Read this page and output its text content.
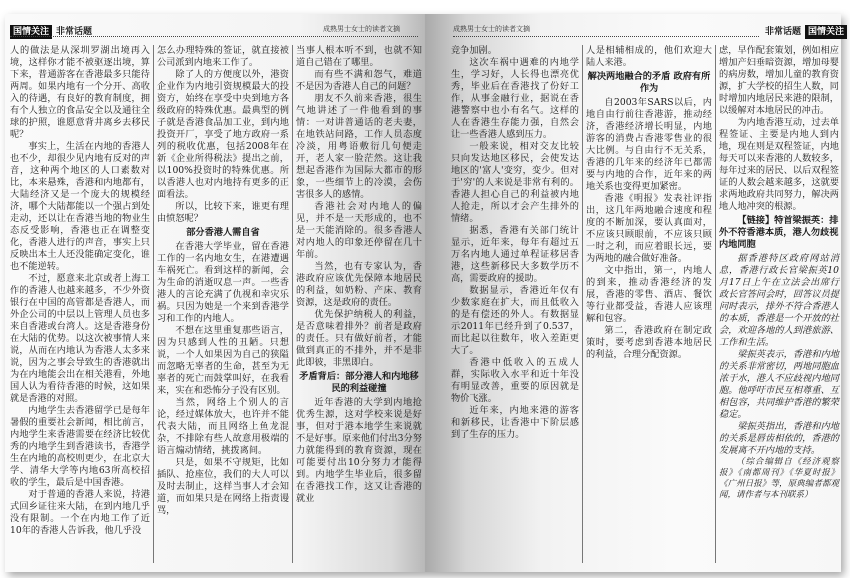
国情关注 非常话题	成熟男士女士的读者文摘

人的做法是从深圳罗湖出境再入境，这样你才能不被驱逐出境，算下来，普通游客在香港最多只能待两周。如果内地有一个分开、高收入的待遇，有良好的教育制度，拥有个人独立的食品安全以及通往全球的护照，谁愿意背井离乡去移民呢？

事实上，生活在内地的香港人也不少，却很少见内地有反对的声音，这种两个地区的人口素数对比，本来悬殊，香港和内地都有，大陆经济又是一个庞大的规模经济，哪个大陆都能以一个强占到处走动，还以让在香港当地的物业生态反受影响，香港也正在调整变化，香港人进行的声音，事实上只反映出本土人还没能确定变化，谁也不能逆转。

不过，愿意来北京或者上海工作的香港人也越来越多，不少外资银行在中国的高管都是香港人，而外企公司的中层以上管理人员也多来自香港或台湾人。这是香港身份在大陆的优势。以这次被事情人来说，从而在内地认为香港人太多来说，因为之事会导致生的香港就出为在内地能会出在相关港看，外地国人认为看待香港的时候，这如果就是香港的对照。

内地学生去香港留学已是每年暑假的重要社会新闻，相比前言，内地学生来香港需要在经济比较优秀的内地学生到香港读书，香港学生在内地的高校则更少，在北京大学、清华大学等内地63所高校招收的学生，最后是中国香港。

对于普通的香港人来说，持港式回乡证往来大陆，在到内地几乎没有限制。一个在内地工作了近10年的香港人告诉我，他几乎没

怎么办理特殊的签证，就直接被公司派到内地来工作了。

除了人的方便度以外，港资企业作为内地引资规模最大的投资方，始终在享受中央到地方各级政府的特殊优惠。最典型的例子就是香港食品加工业，到内地投资开厂，享受了地方政府一系列的税收优惠，包括2008年在新《企业所得税法》提出之前，以100%投资时的特殊优惠。所以香港人也对内地持有更多的正面看法。

所以，比较下来，谁更有理由愤怒呢？

部分香港人需自省

在香港大学毕业，留在香港工作的一名内地女生，在港遭遇车祸死亡。看到这样的新闻，会为生命的消逝叹息一声。一些香港人的言论充满了仇视和幸灾乐祸。只因为她是一个来到香港学习和工作的内地人。

不想在这里重复那些语言，因为只感到人性的丑陋。只想说，一个人如果因为自己的狭隘而忽略无辜者的生命，甚至为无辜者的死亡而鼓掌叫好，在我看来，实在和恐怖分子没有区别。

当然，网络上个别人的言论，经过媒体放大，也许并不能代表大陆，而且网络上鱼龙混杂，不排除有些人故意用极端的语言煽动情绪，挑拨离间。

只是，如果不守规矩，比如插队、抢座位，我们的大人可以及时去制止，这样当事人才会知道，而如果只是在网络上指责谩骂，

当事人根本听不到，也就不知道自己错在了哪里。

而有些不满和怨气，难道不是因为香港人自己的问题？

朋友不久前来香港，很生气地讲述了一件他看到的事情：一对讲普通话的老夫妻，在地铁站问路，工作人员态度冷淡，用粤语敷衍几句便走开，老人家一脸茫然。这让我想起香港作为国际大都市的形象，一些细节上的冷漠，会伤害很多人的感情。

香港社会对内地人的偏见，并不是一天形成的，也不是一天能消除的。很多香港人对内地人的印象还停留在几十年前。

当然，也有专家认为，香港政府应该优先保障本地居民的利益，如奶粉、产床、教育资源，这是政府的责任。

优先保护纳税人的利益，是否意味着排外？前者是政府的责任。只有做好前者，才能做到真正的不排外，并不是非此即彼，非黑即白。

矛盾背后：部分港人和内地移民的利益碰撞

近年香港的大学到内地抢优秀生源，这对学校来说是好事，但对于港本地学生来说就不是好事。原来他们付出3分努力就能得到的教育资源，现在可能要付出10分努力才能得到。内地学生毕业后，很多留在香港找工作，这又让香港的就业

成熟男士女士的读者文摘	非常话题 国情关注

竞争加剧。

这次车祸中遇难的内地学生，学习好，人长得也漂亮优秀，毕业后在香港找了份好工作，从事金融行业，据说在香港警察中也小有名气。这样的人在香港生存能力强，自然会让一些香港人感到压力。

一般来说，相对交友比较只向发达地区移民，会使发达地区的'富人'变穷，变少。但对于'穷'的人来说是非常有利的。香港人担心自己的利益被内地人抢走，所以才会产生排外的情绪。

据悉，香港有关部门统计显示，近年来，每年有超过五万名内地人通过单程证移居香港，这些新移民大多数学历不高，需要政府的援助。

数据显示，香港近年仅有少数家庭在扩大，而且低收入的是有偿还的外人。有数据显示2011年已经升到了0.537，而比起以往数年，收入差距更大了。

香港中低收入的五成人群，实际收入水平和近十年没有明显改善，重要的原因就是物价飞涨。

近年来，内地来港的游客和新移民，让香港中下阶层感到了生存的压力。

人是相辅相成的，他们欢迎大陆人来港。

解决两地融合的矛盾 政府有所作为

自2003年SARS以后，内地自由行前往香港游，推动经济，香港经济增长明显，内地游客的消费占香港零售业的很大比例。与自由行不无关系，香港的几年来的经济年已都需要与内地的合作，近年来的两地关系也变得更加紧密。

香港《明报》发表社评指出，这几年两地融合速度和程度的不断加深，要认真面对，不应该只顾眼前，不应该只顾一时之利，而应着眼长远，要为两地的融合做好准备。

文中指出，第一，内地人的到来，推动香港经济的发展，香港的零售、酒店、餐饮等行业都受益，香港人应该理解和包容。

第二，香港政府在制定政策时，要考虑到香港本地居民的利益，合理分配资源。

虑，早作配套策划，例如相应增加产妇垂暗资源，增加母婴的病房数，增加儿童的教育资源，扩大学校的招生人数，同时增加内地居民来港的限制，以缓解对本地居民的冲击。

为内地香港互动，过去单程签证、主要是内地人到内地，现在则是双程签证，内地每天可以来香港的人数较多，每年过来的居民、以后双程签证的人数会越来越多，这就要求两地政府共同努力，解决两地人地冲突的根源。

【链接】特首梁振英：排外不符香港本质，港人勿歧视内地同胞

据香港特区政府网站消息，香港行政长官梁振英10月17日上午在立法会出席行政长官答问会时，回答议员提问时表示，排外不符合香港人的本质，香港是一个开放的社会，欢迎各地的人到港旅游、工作和生活。

梁振英表示，香港和内地的关系非常密切，两地同胞血浓于水，港人不应歧视内地同胞。他呼吁市民互相尊重、互相包容，共同维护香港的繁荣稳定。

梁振英指出，香港和内地的关系是唇齿相依的，香港的发展离不开内地的支持。

（综合编辑自《经济观察报》《南都周刊》《华夏时报》《广州日报》等，原典编者都观闻，请作者与本刊联系）
